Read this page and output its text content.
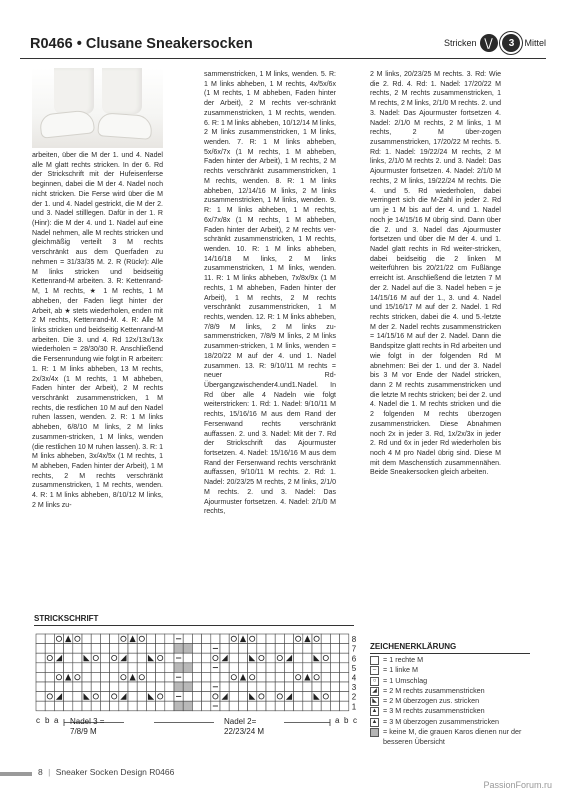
R0466 • Clusane Sneakersocken	Stricken	3	Mittel

arbeiten, über die M der 1. und 4. Nadel alle M glatt rechts stricken. In der 6. Rd der Strickschrift mit der Hufeisenferse beginnen, dabei die M der 4. Nadel noch nicht stricken. Die Ferse wird über die M der 1. und 4. Nadel gestrickt, die M der 2. und 3. Nadel stilllegen. Dafür in der 1. R (Hinr): die M der 4. und 1. Nadel auf eine Nadel nehmen, alle M rechts stricken und gleichmäßig verteilt 3 M rechts verschränkt aus dem Querfaden zu nehmen = 31/33/35 M. 2. R (Rückr): Alle M links stricken und beidseitig Kettenrand-M arbeiten. 3. R: Kettenrand-M, 1 M rechts, ★ 1 M rechts, 1 M abheben, der Faden liegt hinter der Arbeit, ab ★ stets wiederholen, enden mit 2 M rechts, Kettenrand-M. 4. R: Alle M links stricken und beidseitig Kettenrand-M arbeiten. Die 3. und 4. Rd 12x/13x/13x wiederholen = 28/30/30 R. Anschließend die Fersenrundung wie folgt in R arbeiten: 1. R: 1 M links abheben, 13 M rechts, 2x/3x/4x (1 M rechts, 1 M abheben, Faden hinter der Arbeit), 2 M rechts verschränkt zusammenstricken, 1 M rechts, die restlichen 10 M auf den Nadel ruhen lassen, wenden. 2. R: 1 M links abheben, 6/8/10 M links, 2 M links zusammen-stricken, 1 M links, wenden (die restlichen 10 M ruhen lassen). 3. R: 1 M links abheben, 3x/4x/5x (1 M rechts, 1 M abheben, Faden hinter der Arbeit), 1 M rechts, 2 M rechts verschränkt zusammenstricken, 1 M rechts, wenden. 4. R: 1 M links abheben, 8/10/12 M links, 2 M links zu-

sammenstricken, 1 M links, wenden. 5. R: 1 M links abheben, 1 M rechts, 4x/5x/6x (1 M rechts, 1 M abheben, Faden hinter der Arbeit), 2 M rechts ver-schränkt zusammenstricken, 1 M rechts, wenden. 6. R: 1 M links abheben, 10/12/14 M links, 2 M links zusammenstricken, 1 M links, wenden. 7. R: 1 M links abheben, 5x/6x/7x (1 M rechts, 1 M abheben, Faden hinter der Arbeit), 1 M rechts, 2 M rechts verschränkt zusammenstricken, 1 M rechts, wenden. 8. R: 1 M links abheben, 12/14/16 M links, 2 M links zusammenstricken, 1 M links, wenden. 9. R: 1 M links abheben, 1 M rechts, 6x/7x/8x (1 M rechts, 1 M abheben, Faden hinter der Arbeit), 2 M rechts ver-schränkt zusammenstricken, 1 M rechts, wenden. 10. R: 1 M links abheben, 14/16/18 M links, 2 M links zusammenstricken, 1 M links, wenden. 11. R: 1 M links abheben, 7x/8x/9x (1 M rechts, 1 M abheben, Faden hinter der Arbeit), 1 M rechts, 2 M rechts verschränkt zusammenstricken, 1 M rechts, wenden. 12. R: 1 M links abheben, 7/8/9 M links, 2 M links zu-sammenstricken, 7/8/9 M links, 2 M links zusammen-stricken, 1 M links, wenden = 18/20/22 M auf der 4. und 1. Nadel zusammen. 13. R: 9/10/11 M rechts = neuer Rd-Übergangzwischender4.und1.Nadel. In Rd über alle 4 Nadeln wie folgt weiterstricken: 1. Rd: 1. Nadel: 9/10/11 M rechts, 15/16/16 M aus dem Rand der Fersenwand rechts verschränkt auffassen. 2. und 3. Nadel: Mit der 7. Rd der Strickschrift das Ajourmuster fortsetzen. 4. Nadel: 15/16/16 M aus dem Rand der Fersenwand rechts verschränkt auffassen, 9/10/11 M rechts. 2. Rd: 1. Nadel: 20/23/25 M rechts, 2 M links, 2/1/0 M rechts. 2. und 3. Nadel: Das Ajourmuster fortsetzen. 4. Nadel: 2/1/0 M rechts,

2 M links, 20/23/25 M rechts. 3. Rd: Wie die 2. Rd. 4. Rd: 1. Nadel: 17/20/22 M rechts, 2 M rechts zusammenstricken, 1 M rechts, 2 M links, 2/1/0 M rechts. 2. und 3. Nadel: Das Ajourmuster fortsetzen 4. Nadel: 2/1/0 M rechts, 2 M links, 1 M rechts, 2 M über-zogen zusammenstricken, 17/20/22 M rechts. 5. Rd: 1. Nadel: 19/22/24 M rechts, 2 M links, 2/1/0 M rechts 2. und 3. Nadel: Das Ajourmuster fortsetzen. 4. Nadel: 2/1/0 M rechts, 2 M links, 19/22/24 M rechts. Die 4. und 5. Rd wiederholen, dabei verringert sich die M-Zahl in jeder 2. Rd um je 1 M bis auf der 4. und 1. Nadel noch je 14/15/16 M übrig sind. Dann über die 2. und 3. Nadel das Ajourmuster fortsetzen und über die M der 4. und 1. Nadel glatt rechts in Rd weiter-stricken, dabei beidseitig die 2 linken M weiterführen bis 20/21/22 cm Fußlänge erreicht ist. Anschließend die letzten 7 M der 2. Nadel auf die 3. Nadel heben = je 14/15/16 M auf der 1., 3. und 4. Nadel und 15/16/17 M auf der 2. Nadel. 1 Rd rechts stricken, dabei die 4. und 5.-letzte M der 2. Nadel rechts zusammenstricken = 14/15/16 M auf der 2. Nadel. Dann die Bandspitze glatt rechts in Rd arbeiten und wie folgt in der folgenden Rd M abnehmen: Bei der 1. und der 3. Nadel bis 3 M vor Ende der Nadel stricken, dann 2 M rechts zusammenstricken und die letzte M rechts stricken; bei der 2. und 4. Nadel die 1. M rechts stricken und die 2 folgenden M rechts überzogen zusammenstricken. Diese Abnahmen noch 2x in jeder 3. Rd, 1x/2x/3x in jeder 2. Rd und 6x in jeder Rd wiederholen bis noch 4 M pro Nadel übrig sind. Diese M mit dem Maschenstich zusammennähen. Beide Sneakersocken gleich arbeiten.

STRICKSCHRIFT
ZEICHENERKLÄRUNG
8
7
6
5
4
3
2
1
c b a	a b c
Nadel 3 =
7/8/9 M
Nadel 2=
22/23/24 M
= 1 rechte M
– = 1 linke M
○ = 1 Umschlag
◢ = 2 M rechts zusammenstricken
◣ = 2 M überzogen zus. stricken
▲ = 3 M rechts zusammenstricken
▲ = 3 M überzogen zusammenstricken
= keine M, die grauen Karos dienen nur der besseren Übersicht
8 | Sneaker Socken Design R0466
PassionForum.ru
